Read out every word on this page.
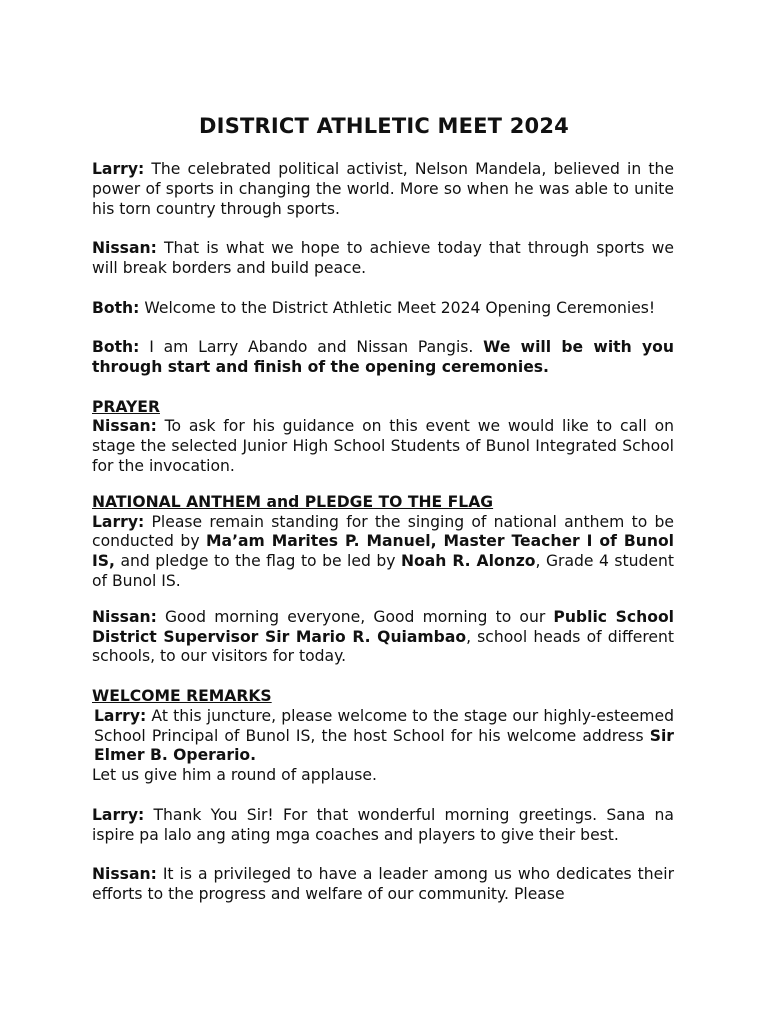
DISTRICT ATHLETIC MEET 2024

Larry: The celebrated political activist, Nelson Mandela, believed in the power of sports in changing the world. More so when he was able to unite his torn country through sports.

Nissan: That is what we hope to achieve today that through sports we will break borders and build peace.

Both: Welcome to the District Athletic Meet 2024 Opening Ceremonies!

Both: I am Larry Abando and Nissan Pangis. We will be with you through start and finish of the opening ceremonies.

PRAYER

Nissan: To ask for his guidance on this event we would like to call on stage the selected Junior High School Students of Bunol Integrated School for the invocation.

NATIONAL ANTHEM and PLEDGE TO THE FLAG

Larry: Please remain standing for the singing of national anthem to be conducted by Ma’am Marites P. Manuel, Master Teacher I of Bunol IS, and pledge to the flag to be led by Noah R. Alonzo, Grade 4 student of Bunol IS.

Nissan: Good morning everyone, Good morning to our Public School District Supervisor Sir Mario R. Quiambao, school heads of different schools, to our visitors for today.

WELCOME REMARKS

Larry: At this juncture, please welcome to the stage our highly-esteemed School Principal of Bunol IS, the host School for his welcome address Sir Elmer B. Operario.

Let us give him a round of applause.

Larry: Thank You Sir! For that wonderful morning greetings. Sana na ispire pa lalo ang ating mga coaches and players to give their best.

Nissan: It is a privileged to have a leader among us who dedicates their efforts to the progress and welfare of our community. Please
